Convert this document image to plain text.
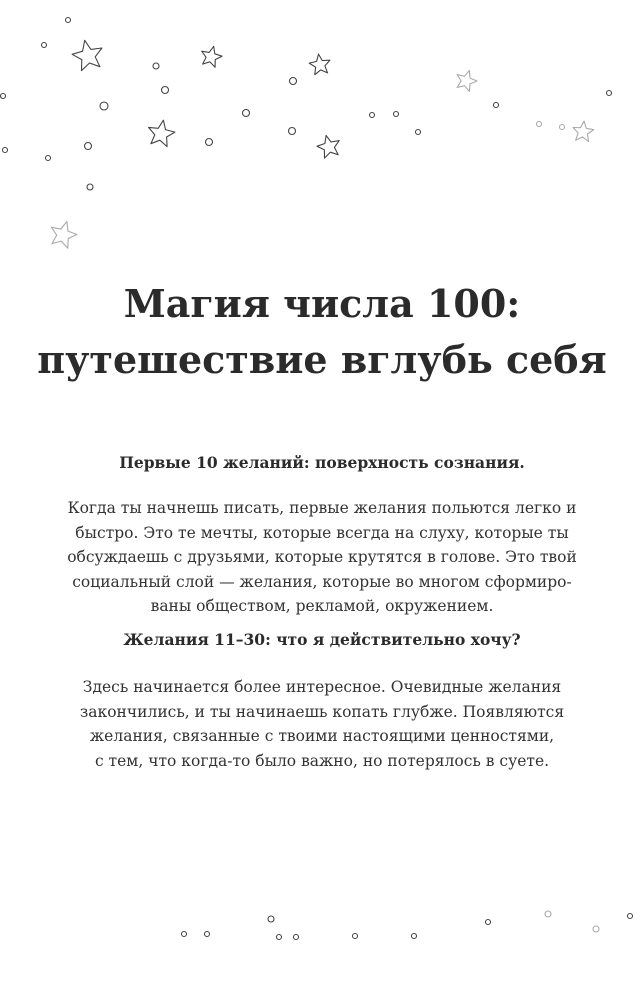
Магия числа 100:
путешествие вглубь себя

Первые 10 желаний: поверхность сознания.

Когда ты начнешь писать, первые желания польются легко и
быстро. Это те мечты, которые всегда на слуху, которые ты
обсуждаешь с друзьями, которые крутятся в голове. Это твой
социальный слой — желания, которые во многом сформиро-
ваны обществом, рекламой, окружением.

Желания 11–30: что я действительно хочу?

Здесь начинается более интересное. Очевидные желания
закончились, и ты начинаешь копать глубже. Появляются
желания, связанные с твоими настоящими ценностями,
с тем, что когда-то было важно, но потерялось в суете.
